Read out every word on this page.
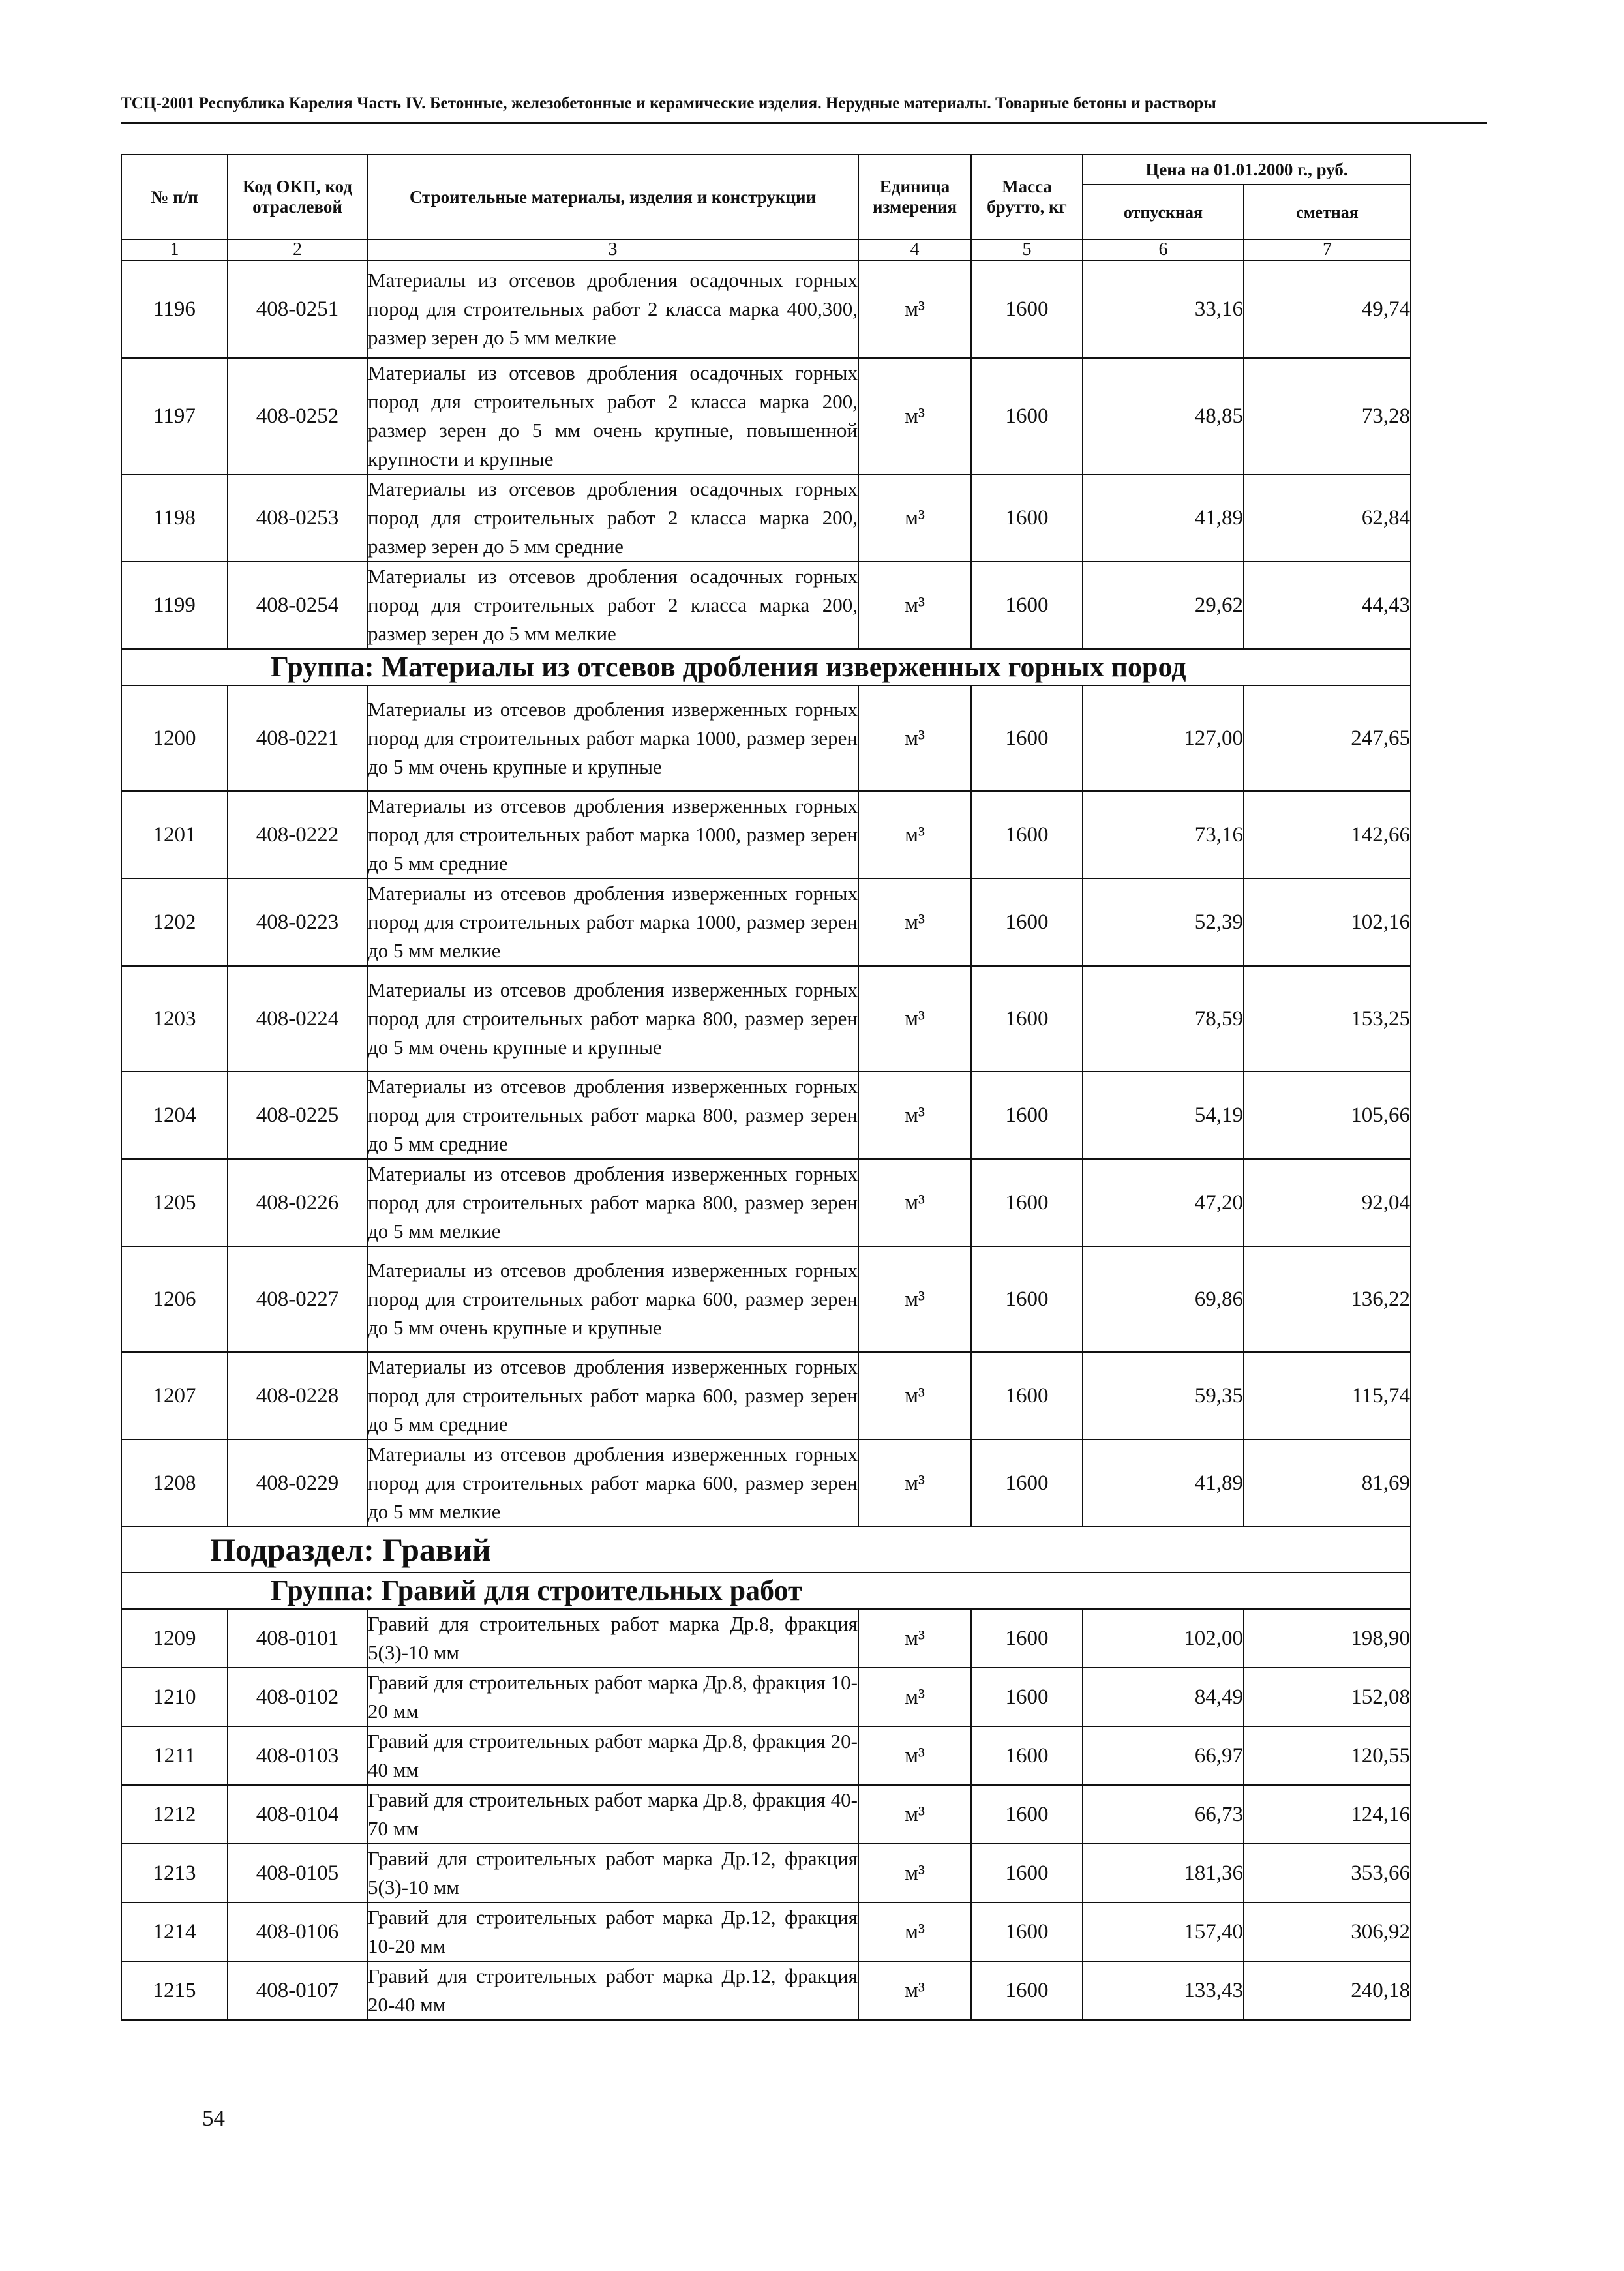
ТСЦ-2001 Республика Карелия Часть IV. Бетонные, железобетонные и керамические изделия. Нерудные материалы. Товарные бетоны и растворы
№ п/п	Код ОКП, код отраслевой	Строительные материалы, изделия и конструкции	Единица измерения	Масса брутто, кг	Цена на 01.01.2000 г., руб.	
					отпускная	сметная
1	2	3	4	5	6	7
1196	408-0251	Материалы из отсевов дробления осадочных горных пород для строительных работ 2 класса марка 400,300, размер зерен до 5 мм мелкие	м³	1600	33,16	49,74
1197	408-0252	Материалы из отсевов дробления осадочных горных пород для строительных работ 2 класса марка 200, размер зерен до 5 мм очень крупные, повышенной крупности и крупные	м³	1600	48,85	73,28
1198	408-0253	Материалы из отсевов дробления осадочных горных пород для строительных работ 2 класса марка 200, размер зерен до 5 мм средние	м³	1600	41,89	62,84
1199	408-0254	Материалы из отсевов дробления осадочных горных пород для строительных работ 2 класса марка 200, размер зерен до 5 мм мелкие	м³	1600	29,62	44,43
Группа: Материалы из отсевов дробления изверженных горных пород						
1200	408-0221	Материалы из отсевов дробления изверженных горных пород для строительных работ марка 1000, размер зерен до 5 мм очень крупные и крупные	м³	1600	127,00	247,65
1201	408-0222	Материалы из отсевов дробления изверженных горных пород для строительных работ марка 1000, размер зерен до 5 мм средние	м³	1600	73,16	142,66
1202	408-0223	Материалы из отсевов дробления изверженных горных пород для строительных работ марка 1000, размер зерен до 5 мм мелкие	м³	1600	52,39	102,16
1203	408-0224	Материалы из отсевов дробления изверженных горных пород для строительных работ марка 800, размер зерен до 5 мм очень крупные и крупные	м³	1600	78,59	153,25
1204	408-0225	Материалы из отсевов дробления изверженных горных пород для строительных работ марка 800, размер зерен до 5 мм средние	м³	1600	54,19	105,66
1205	408-0226	Материалы из отсевов дробления изверженных горных пород для строительных работ марка 800, размер зерен до 5 мм мелкие	м³	1600	47,20	92,04
1206	408-0227	Материалы из отсевов дробления изверженных горных пород для строительных работ марка 600, размер зерен до 5 мм очень крупные и крупные	м³	1600	69,86	136,22
1207	408-0228	Материалы из отсевов дробления изверженных горных пород для строительных работ марка 600, размер зерен до 5 мм средние	м³	1600	59,35	115,74
1208	408-0229	Материалы из отсевов дробления изверженных горных пород для строительных работ марка 600, размер зерен до 5 мм мелкие	м³	1600	41,89	81,69
Подраздел: Гравий						
Группа: Гравий для строительных работ						
1209	408-0101	Гравий для строительных работ марка Др.8, фракция 5(3)-10 мм	м³	1600	102,00	198,90
1210	408-0102	Гравий для строительных работ марка Др.8, фракция 10-20 мм	м³	1600	84,49	152,08
1211	408-0103	Гравий для строительных работ марка Др.8, фракция 20-40 мм	м³	1600	66,97	120,55
1212	408-0104	Гравий для строительных работ марка Др.8, фракция 40-70 мм	м³	1600	66,73	124,16
1213	408-0105	Гравий для строительных работ марка Др.12, фракция 5(3)-10 мм	м³	1600	181,36	353,66
1214	408-0106	Гравий для строительных работ марка Др.12, фракция 10-20 мм	м³	1600	157,40	306,92
1215	408-0107	Гравий для строительных работ марка Др.12, фракция 20-40 мм	м³	1600	133,43	240,18
54
